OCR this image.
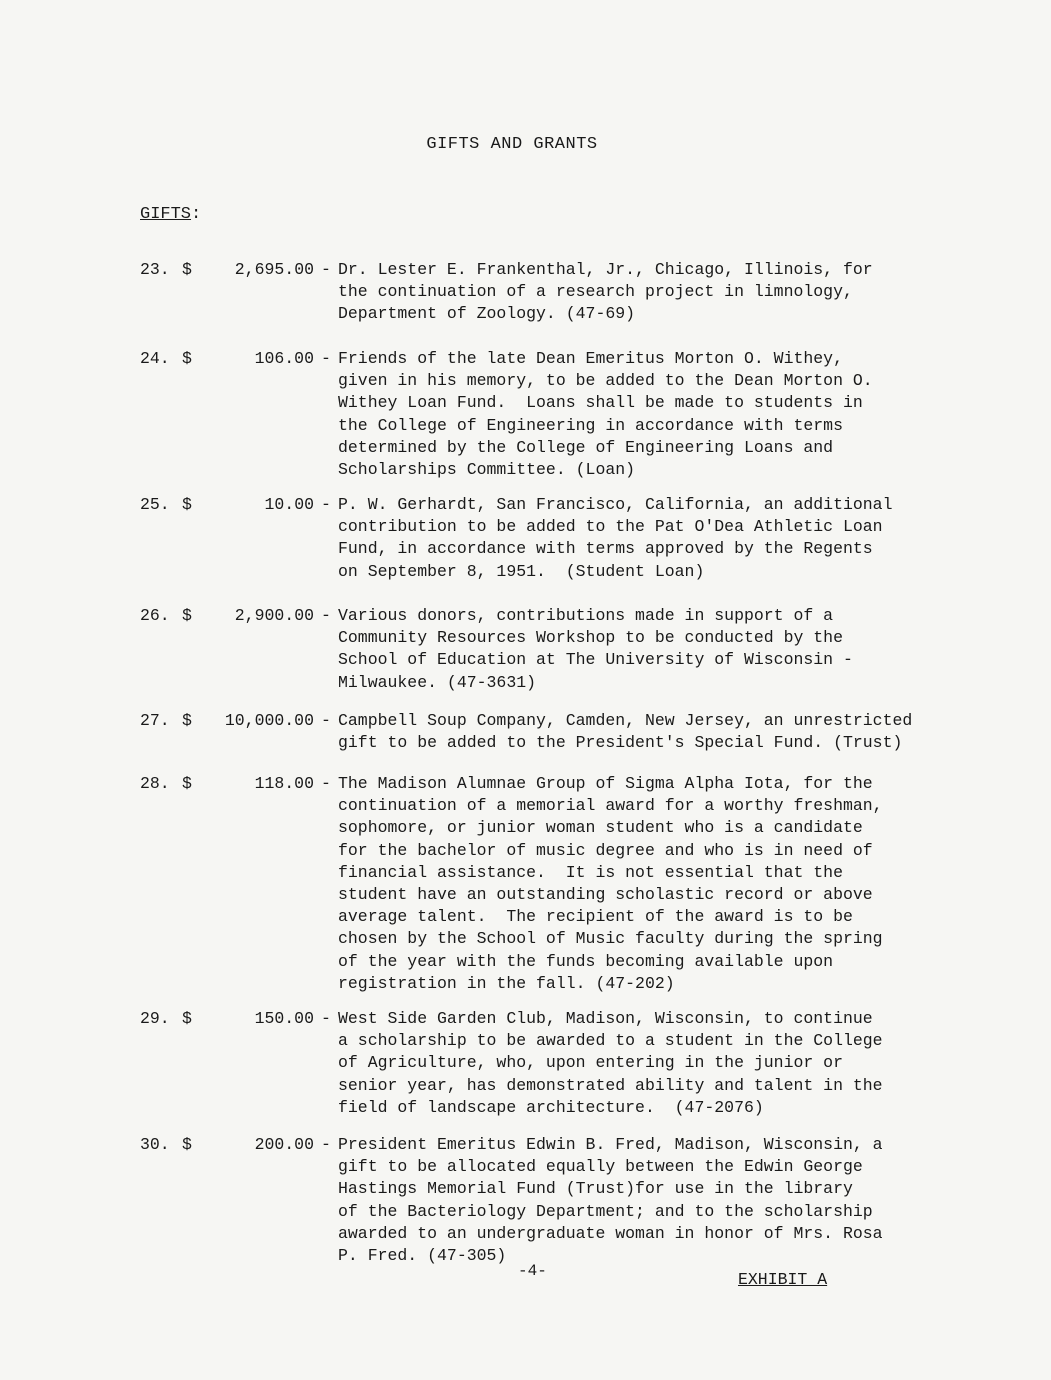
GIFTS AND GRANTS
GIFTS:
23. $	2,695.00 - Dr. Lester E. Frankenthal, Jr., Chicago, Illinois, for
the continuation of a research project in limnology,
Department of Zoology. (47-69)
24. $	106.00 - Friends of the late Dean Emeritus Morton O. Withey,
given in his memory, to be added to the Dean Morton O.
Withey Loan Fund.  Loans shall be made to students in
the College of Engineering in accordance with terms
determined by the College of Engineering Loans and
Scholarships Committee. (Loan)
25. $	10.00 - P. W. Gerhardt, San Francisco, California, an additional
contribution to be added to the Pat O'Dea Athletic Loan
Fund, in accordance with terms approved by the Regents
on September 8, 1951.  (Student Loan)
26. $	2,900.00 - Various donors, contributions made in support of a
Community Resources Workshop to be conducted by the
School of Education at The University of Wisconsin -
Milwaukee. (47-3631)
27. $	10,000.00 - Campbell Soup Company, Camden, New Jersey, an unrestricted
gift to be added to the President's Special Fund. (Trust)
28. $	118.00 - The Madison Alumnae Group of Sigma Alpha Iota, for the
continuation of a memorial award for a worthy freshman,
sophomore, or junior woman student who is a candidate
for the bachelor of music degree and who is in need of
financial assistance.  It is not essential that the
student have an outstanding scholastic record or above
average talent.  The recipient of the award is to be
chosen by the School of Music faculty during the spring
of the year with the funds becoming available upon
registration in the fall. (47-202)
29. $	150.00 - West Side Garden Club, Madison, Wisconsin, to continue
a scholarship to be awarded to a student in the College
of Agriculture, who, upon entering in the junior or
senior year, has demonstrated ability and talent in the
field of landscape architecture.  (47-2076)
30. $	200.00 - President Emeritus Edwin B. Fred, Madison, Wisconsin, a
gift to be allocated equally between the Edwin George
Hastings Memorial Fund (Trust)for use in the library
of the Bacteriology Department; and to the scholarship
awarded to an undergraduate woman in honor of Mrs. Rosa
P. Fred. (47-305)
-4-	EXHIBIT A
